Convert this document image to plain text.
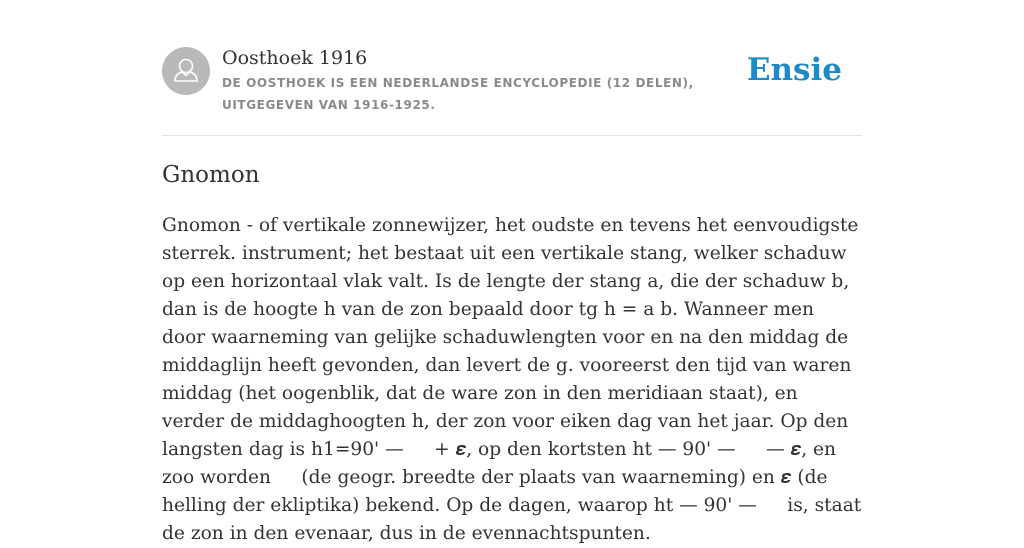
Oosthoek 1916

DE OOSTHOEK IS EEN NEDERLANDSE ENCYCLOPEDIE (12 DELEN), UITGEGEVEN VAN 1916-1925.

Ensie
Gnomon

Gnomon - of vertikale zonnewijzer, het oudste en tevens het eenvoudigste sterrek. instrument; het bestaat uit een vertikale stang, welker schaduw op een horizontaal vlak valt. Is de lengte der stang a, die der schaduw b, dan is de hoogte h van de zon bepaald door tg h = a b. Wanneer men door waarneming van gelijke schaduwlengten voor en na den middag de middaglijn heeft gevonden, dan levert de g. vooreerst den tijd van waren middag (het oogenblik, dat de ware zon in den meridiaan staat), en verder de middaghoogten h, der zon voor eiken dag van het jaar. Op den langsten dag is h1=90' —   + 𝜺, op den kortsten ht — 90' —   — 𝜺, en zoo worden   (de geogr. breedte der plaats van waarneming) en 𝜺 (de helling der ekliptika) bekend. Op de dagen, waarop ht — 90' —   is, staat de zon in den evenaar, dus in de evennachtspunten.
